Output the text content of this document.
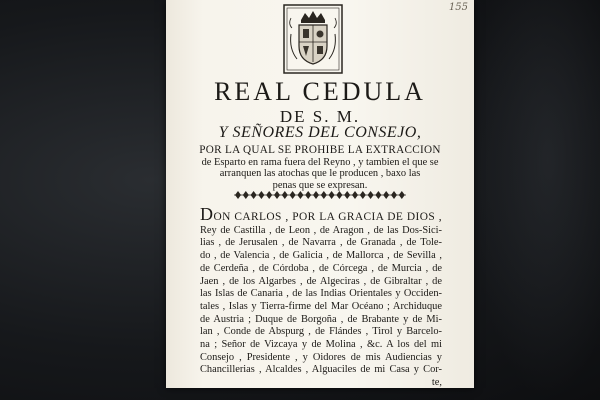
155
REAL CEDULA
DE S. M.
Y SEÑORES DEL CONSEJO,
POR LA QUAL SE PROHIBE LA EXTRACCION
de Esparto en rama fuera del Reyno , y tambien el que se
arranquen las atochas que le producen , baxo las
penas que se expresan.
DON CARLOS , POR LA GRACIA DE DIOS ,
Rey de Castilla , de Leon , de Aragon , de las Dos-Sici-
lias , de Jerusalen , de Navarra , de Granada , de Tole-
do , de Valencia , de Galicia , de Mallorca , de Sevilla ,
de Cerdeña , de Córdoba , de Córcega , de Murcia , de
Jaen , de los Algarbes , de Algeciras , de Gibraltar , de
las Islas de Canaria , de las Indias Orientales y Occiden-
tales , Islas y Tierra-firme del Mar Océano ; Archiduque
de Austria ; Duque de Borgoña , de Brabante y de Mi-
lan , Conde de Abspurg , de Flándes , Tirol y Barcelo-
na ; Señor de Vizcaya y de Molina , &c. A los del mi
Consejo , Presidente , y Oidores de mis Audiencias y
Chancillerias , Alcaldes , Alguaciles de mi Casa y Cor-
te,
